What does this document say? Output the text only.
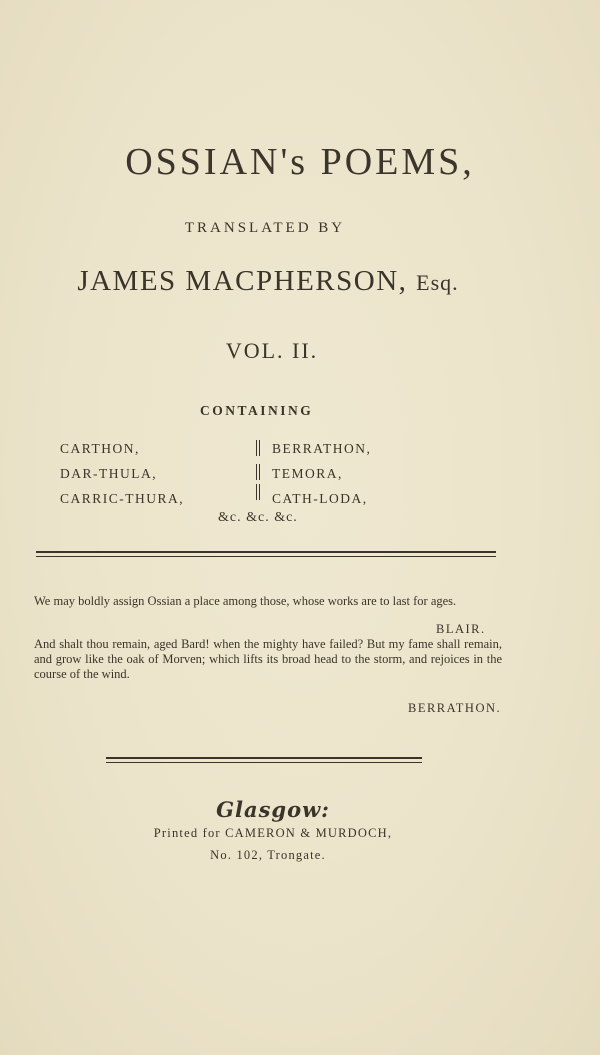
OSSIAN's POEMS,
TRANSLATED BY
JAMES MACPHERSON, Esq.
VOL. II.
CONTAINING
CARTHON,
DAR-THULA,
CARRIC-THURA,
BERRATHON,
TEMORA,
CATH-LODA,
&c. &c. &c.
We may boldly assign Ossian a place among those, whose works are to last for ages.
BLAIR.
And shalt thou remain, aged Bard! when the mighty have failed? But my fame shall remain, and grow like the oak of Morven; which lifts its broad head to the storm, and rejoices in the course of the wind.
BERRATHON.
Glasgow:
Printed for CAMERON & MURDOCH,
No. 102, Trongate.
